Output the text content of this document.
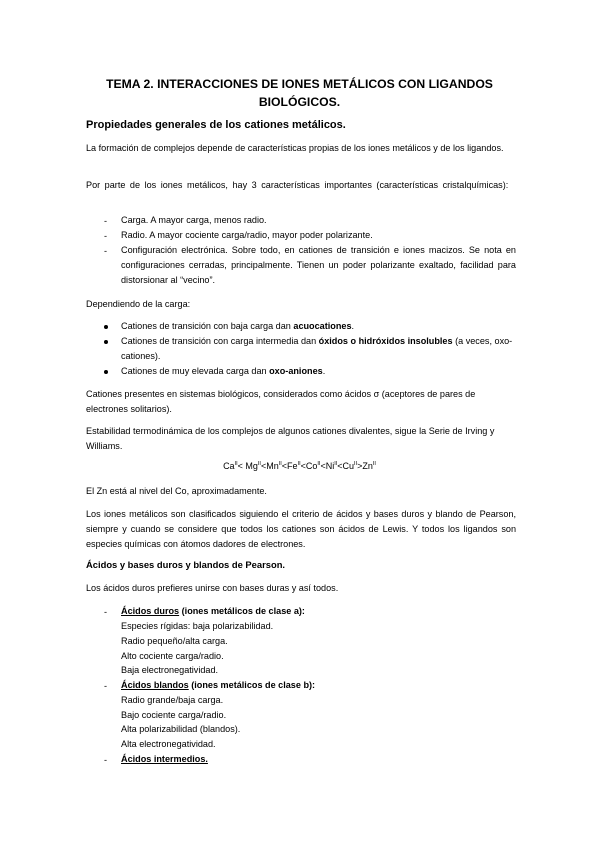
TEMA 2. INTERACCIONES DE IONES METÁLICOS CON LIGANDOS
BIOLÓGICOS.
Propiedades generales de los cationes metálicos.
La formación de complejos depende de características propias de los iones metálicos y de los ligandos.
Por parte de los iones metálicos, hay 3 características importantes (características cristalquímicas):
- Carga. A mayor carga, menos radio.
- Radio. A mayor cociente carga/radio, mayor poder polarizante.
- Configuración electrónica. Sobre todo, en cationes de transición e iones macizos. Se nota en configuraciones cerradas, principalmente. Tienen un poder polarizante exaltado, facilidad para distorsionar al “vecino”.
Dependiendo de la carga:
Cationes de transición con baja carga dan acuocationes.
Cationes de transición con carga intermedia dan óxidos o hidróxidos insolubles (a veces, oxo-cationes).
Cationes de muy elevada carga dan oxo-aniones.
Cationes presentes en sistemas biológicos, considerados como ácidos σ (aceptores de pares de electrones solitarios).
Estabilidad termodinámica de los complejos de algunos cationes divalentes, sigue la Serie de Irving y Williams.
$Ca^{II}< Mg^{II}<Mn^{II}<Fe^{II}<Co^{II}<Ni^{II}<Cu^{II}>Zn^{II}$
El Zn está al nivel del Co, aproximadamente.
Los iones metálicos son clasificados siguiendo el criterio de ácidos y bases duros y blando de Pearson, siempre y cuando se considere que todos los cationes son ácidos de Lewis. Y todos los ligandos son especies químicas con átomos dadores de electrones.
Ácidos y bases duros y blandos de Pearson.
Los ácidos duros prefieres unirse con bases duras y así todos.
- Ácidos duros (iones metálicos de clase a):
Especies rígidas: baja polarizabilidad.
Radio pequeño/alta carga.
Alto cociente carga/radio.
Baja electronegatividad.
- Ácidos blandos (iones metálicos de clase b):
Radio grande/baja carga.
Bajo cociente carga/radio.
Alta polarizabilidad (blandos).
Alta electronegatividad.
- Ácidos intermedios.
